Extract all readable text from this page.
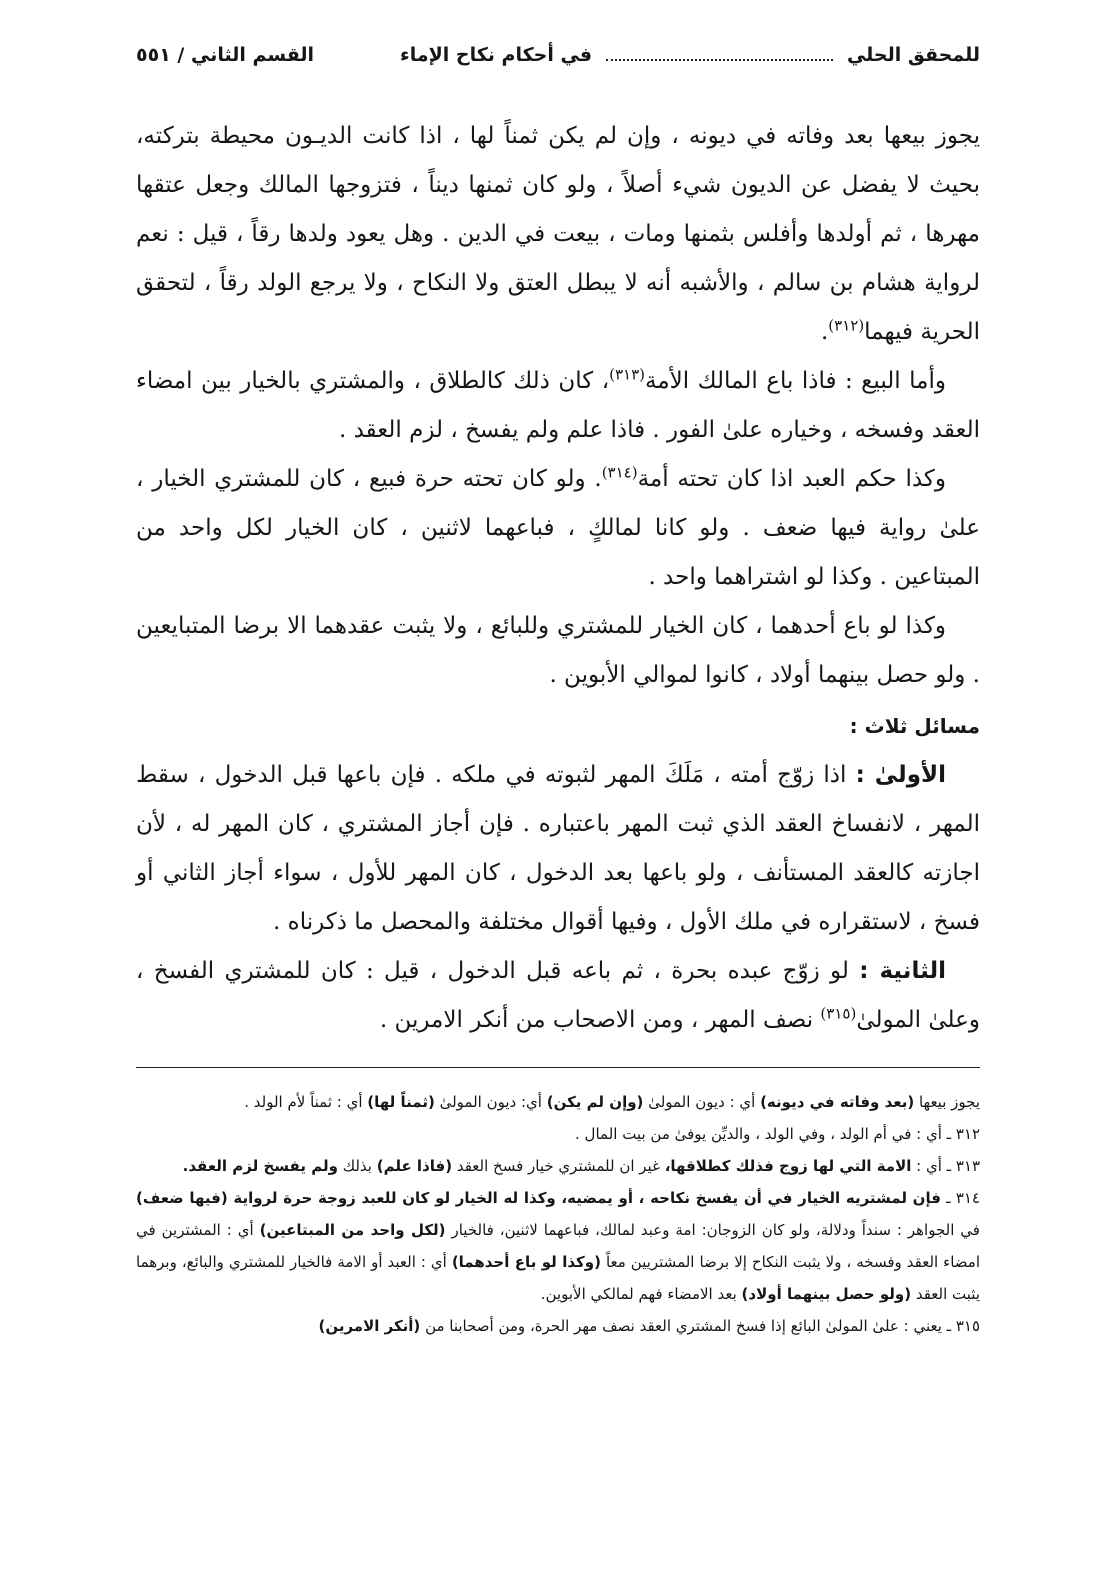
للمحقق الحلي
في أحكام نكاح الإماء
القسم الثاني / ٥٥١

يجوز بيعها بعد وفاته في ديونه ، وإن لم يكن ثمناً لها ، اذا كانت الديـون محيطة بتركته، بحيث لا يفضل عن الديون شيء أصلاً ، ولو كان ثمنها ديناً ، فتزوجها المالك وجعل عتقها مهرها ، ثم أولدها وأفلس بثمنها ومات ، بيعت في الدين . وهل يعود ولدها رقاً ، قيل : نعم لرواية هشام بن سالم ، والأشبه أنه لا يبطل العتق ولا النكاح ، ولا يرجع الولد رقاً ، لتحقق الحرية فيهما$^{(٣١٢)}$.

وأما البيع : فاذا باع المالك الأمة$^{(٣١٣)}$، كان ذلك كالطلاق ، والمشتري بالخيار بين امضاء العقد وفسخه ، وخياره علىٰ الفور . فاذا علم ولم يفسخ ، لزم العقد .

وكذا حكم العبد اذا كان تحته أمة$^{(٣١٤)}$. ولو كان تحته حرة فبيع ، كان للمشتري الخيار ، علىٰ رواية فيها ضعف . ولو كانا لمالكٍ ، فباعهما لاثنين ، كان الخيار لكل واحد من المبتاعين . وكذا لو اشتراهما واحد .

وكذا لو باع أحدهما ، كان الخيار للمشتري وللبائع ، ولا يثبت عقدهما الا برضا المتبايعين . ولو حصل بينهما أولاد ، كانوا لموالي الأبوين .

مسائل ثلاث :

الأولىٰ : اذا زوّج أمته ، مَلَكَ المهر لثبوته في ملكه . فإن باعها قبل الدخول ، سقط المهر ، لانفساخ العقد الذي ثبت المهر باعتباره . فإن أجاز المشتري ، كان المهر له ، لأن اجازته كالعقد المستأنف ، ولو باعها بعد الدخول ، كان المهر للأول ، سواء أجاز الثاني أو فسخ ، لاستقراره في ملك الأول ، وفيها أقوال مختلفة والمحصل ما ذكرناه .

الثانية : لو زوّج عبده بحرة ، ثم باعه قبل الدخول ، قيل : كان للمشتري الفسخ ، وعلىٰ المولىٰ$^{(٣١٥)}$ نصف المهر ، ومن الاصحاب من أنكر الامرين .

يجوز بيعها (بعد وفاته في ديونه) أي : ديون المولىٰ (وإن لم يكن) أي: ديون المولىٰ (ثمناً لها) أي : ثمناً لأم الولد .

٣١٢ ـ أي : في أم الولد ، وفي الولد ، والديِّن يوفىٰ من بيت المال .

٣١٣ ـ أي : الامة التي لها زوج فذلك كطلاقها، غير ان للمشتري خيار فسخ العقد (فاذا علم) بذلك ولم يفسخ لزم العقد.

٣١٤ ـ فإن لمشتريه الخيار في أن يفسخ نكاحه ، أو يمضيه، وكذا له الخيار لو كان للعبد زوجة حرة لرواية (فيها ضعف) في الجواهر : سنداً ودلالة، ولو كان الزوجان: امة وعبد لمالك، فباعهما لاثنين، فالخيار (لكل واحد من المبتاعين) أي : المشترين في امضاء العقد وفسخه ، ولا يثبت النكاح إلا برضا المشتريين معاً (وكذا لو باع أحدهما) أي : العبد أو الامة فالخيار للمشتري والبائع، وبرهما يثبت العقد (ولو حصل بينهما أولاد) بعد الامضاء فهم لمالكي الأبوين.

٣١٥ ـ يعني : علىٰ المولىٰ البائع إذا فسخ المشتري العقد نصف مهر الحرة، ومن أصحابنا من (أنكر الامرين)
